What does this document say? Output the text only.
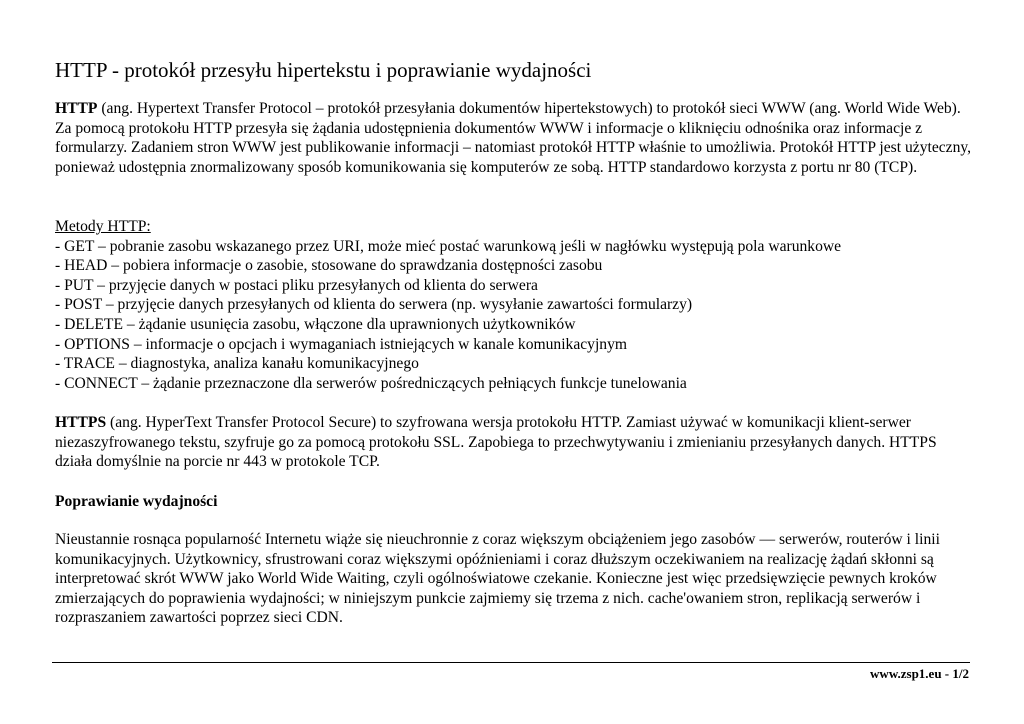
HTTP - protokół przesyłu hipertekstu i poprawianie wydajności

HTTP (ang. Hypertext Transfer Protocol – protokół przesyłania dokumentów hipertekstowych) to protokół sieci WWW (ang. World Wide Web). Za pomocą protokołu HTTP przesyła się żądania udostępnienia dokumentów WWW i informacje o kliknięciu odnośnika oraz informacje z formularzy. Zadaniem stron WWW jest publikowanie informacji – natomiast protokół HTTP właśnie to umożliwia. Protokół HTTP jest użyteczny, ponieważ udostępnia znormalizowany sposób komunikowania się komputerów ze sobą. HTTP standardowo korzysta z portu nr 80 (TCP).

Metody HTTP:
- GET – pobranie zasobu wskazanego przez URI, może mieć postać warunkową jeśli w nagłówku występują pola warunkowe
- HEAD – pobiera informacje o zasobie, stosowane do sprawdzania dostępności zasobu
- PUT – przyjęcie danych w postaci pliku przesyłanych od klienta do serwera
- POST – przyjęcie danych przesyłanych od klienta do serwera (np. wysyłanie zawartości formularzy)
- DELETE – żądanie usunięcia zasobu, włączone dla uprawnionych użytkowników
- OPTIONS – informacje o opcjach i wymaganiach istniejących w kanale komunikacyjnym
- TRACE – diagnostyka, analiza kanału komunikacyjnego
- CONNECT – żądanie przeznaczone dla serwerów pośredniczących pełniących funkcje tunelowania

HTTPS (ang. HyperText Transfer Protocol Secure) to szyfrowana wersja protokołu HTTP. Zamiast używać w komunikacji klient-serwer niezaszyfrowanego tekstu, szyfruje go za pomocą protokołu SSL. Zapobiega to przechwytywaniu i zmienianiu przesyłanych danych. HTTPS działa domyślnie na porcie nr 443 w protokole TCP.

Poprawianie wydajności

Nieustannie rosnąca popularność Internetu wiąże się nieuchronnie z coraz większym obciążeniem jego zasobów — serwerów, routerów i linii komunikacyjnych. Użytkownicy, sfrustrowani coraz większymi opóźnieniami i coraz dłuższym oczekiwaniem na realizację żądań skłonni są interpretować skrót WWW jako World Wide Waiting, czyli ogólnoświatowe czekanie. Konieczne jest więc przedsięwzięcie pewnych kroków zmierzających do poprawienia wydajności; w niniejszym punkcie zajmiemy się trzema z nich. cache'owaniem stron, replikacją serwerów i rozpraszaniem zawartości poprzez sieci CDN.

www.zsp1.eu - 1/2
